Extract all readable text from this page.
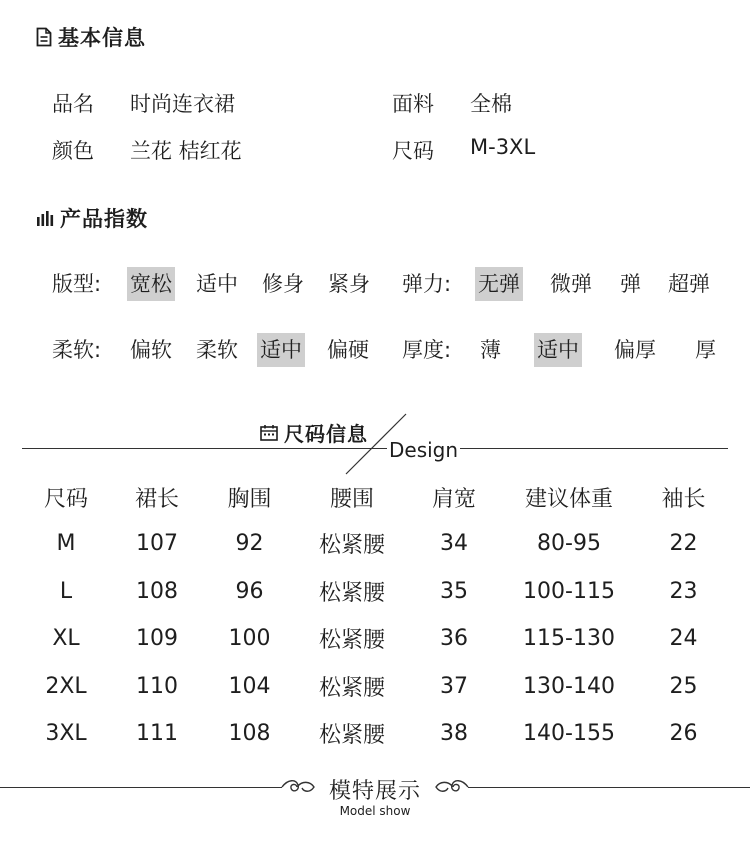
基本信息
品名 时尚连衣裙	面料 全棉
颜色 兰花 桔红花	尺码 M-3XL
产品指数
版型: 宽松 适中 修身 紧身 弹力: 无弹 微弹 弹 超弹
柔软: 偏软 柔软 适中 偏硬 厚度: 薄 适中 偏厚 厚
尺码信息
Design
尺码	裙长	胸围	腰围	肩宽	建议体重	袖长
M	107	92	松紧腰	34	80-95	22
L	108	96	松紧腰	35	100-115	23
XL	109	100	松紧腰	36	115-130	24
2XL	110	104	松紧腰	37	130-140	25
3XL	111	108	松紧腰	38	140-155	26
模特展示
Model show
